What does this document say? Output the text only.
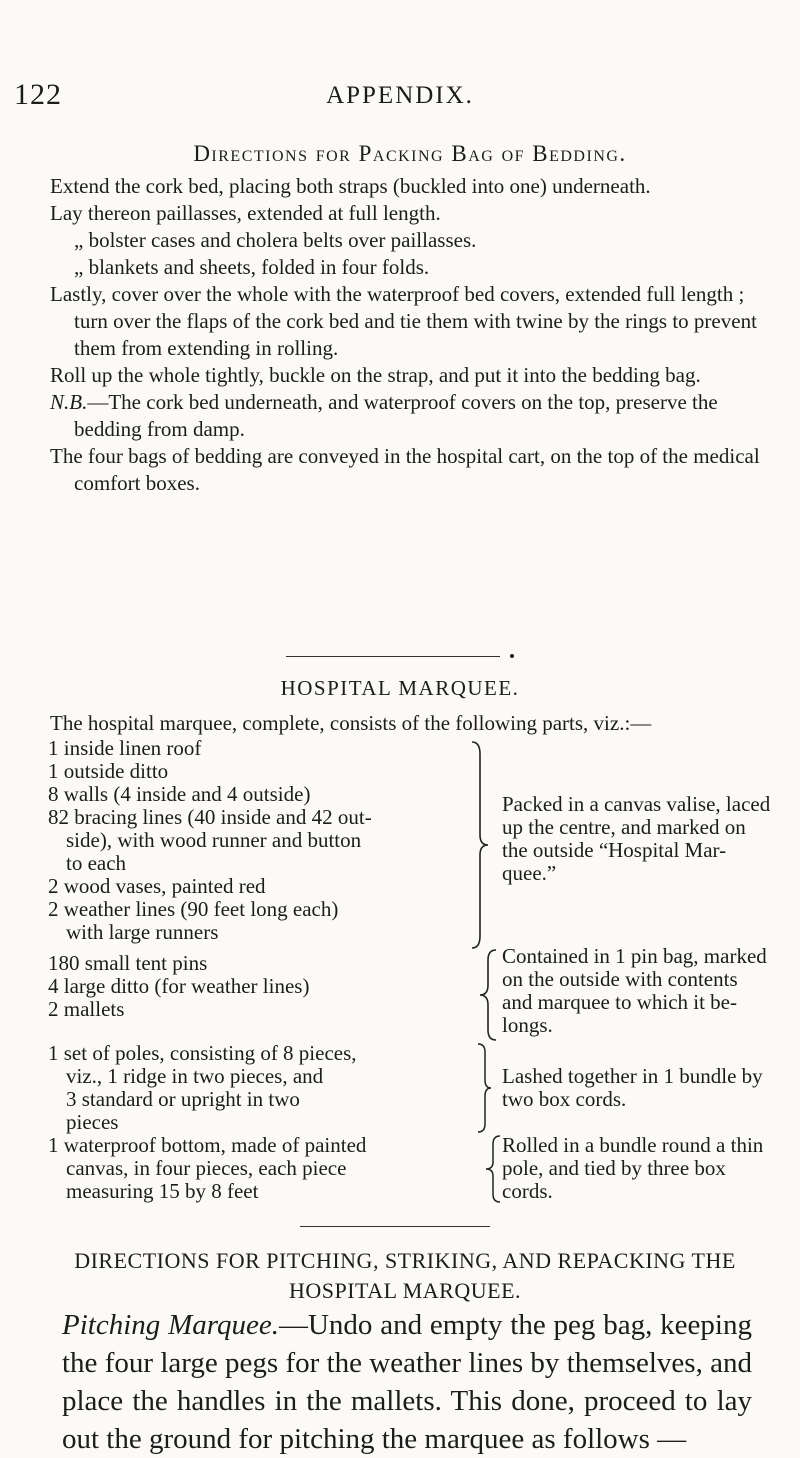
122	APPENDIX.
Directions for Packing Bag of Bedding.

Extend the cork bed, placing both straps (buckled into one) underneath.

Lay thereon paillasses, extended at full length.

„ bolster cases and cholera belts over paillasses.

„ blankets and sheets, folded in four folds.

Lastly, cover over the whole with the waterproof bed covers, extended full length ; turn over the flaps of the cork bed and tie them with twine by the rings to prevent them from extending in rolling.

Roll up the whole tightly, buckle on the strap, and put it into the bedding bag.

N.B.—The cork bed underneath, and waterproof covers on the top, preserve the bedding from damp.

The four bags of bedding are conveyed in the hospital cart, on the top of the medical comfort boxes.

HOSPITAL MARQUEE.
The hospital marquee, complete, consists of the following parts, viz.:—

1 inside linen roof

1 outside ditto

8 walls (4 inside and 4 outside)

82 bracing lines (40 inside and 42 out-

side), with wood runner and button

to each

2 wood vases, painted red

2 weather lines (90 feet long each)

with large runners

Packed in a canvas valise, laced

up the centre, and marked on

the outside “Hospital Mar-

quee.”

180 small tent pins

4 large ditto (for weather lines)

2 mallets

Contained in 1 pin bag, marked

on the outside with contents

and marquee to which it be-

longs.

1 set of poles, consisting of 8 pieces,

viz., 1 ridge in two pieces, and

3 standard or upright in two

pieces

Lashed together in 1 bundle by

two box cords.

1 waterproof bottom, made of painted

canvas, in four pieces, each piece

measuring 15 by 8 feet

Rolled in a bundle round a thin

pole, and tied by three box

cords.

DIRECTIONS FOR PITCHING, STRIKING, AND REPACKING THE
HOSPITAL MARQUEE.
Pitching Marquee.—Undo and empty the peg bag, keeping the four large pegs for the weather lines by themselves, and place the handles in the mallets. This done, proceed to lay out the ground for pitching the marquee as follows —
